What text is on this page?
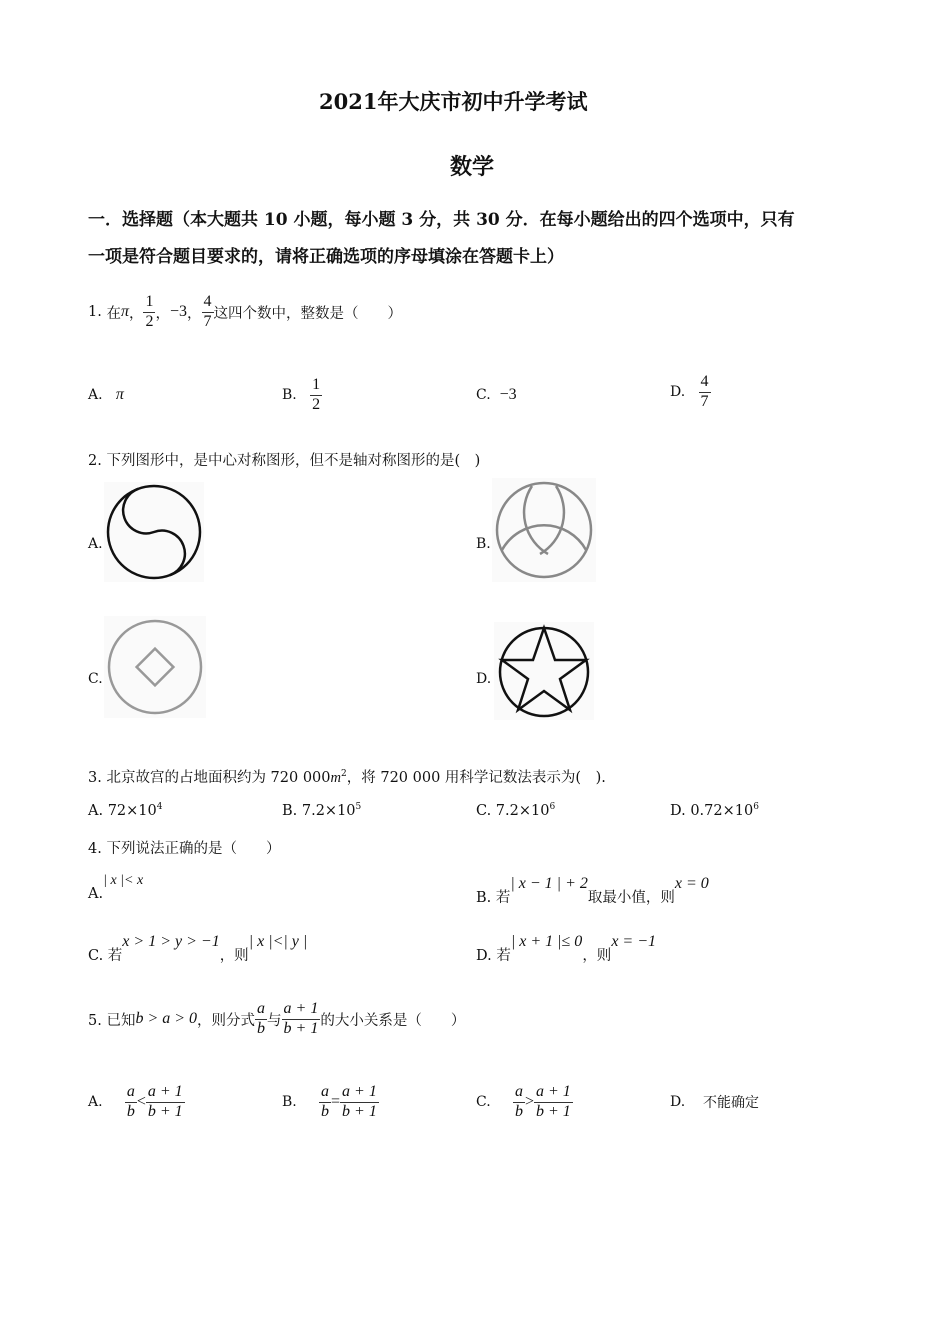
2021年大庆市初中升学考试
数学
一．选择题（本大题共 10 小题，每小题 3 分，共 30 分．在每小题给出的四个选项中，只有
一项是符合题目要求的，请将正确选项的序母填涂在答题卡上）
1.
在 π ， $\frac{1}{2}$ ， −3 ， $\frac{4}{7}$ 这四个数中，整数是（　　）
A.
π	B.
$\frac{1}{2}$	C.
−3	D.
$\frac{4}{7}$
2. 下列图形中，是中心对称图形，但不是轴对称图形的是(　)
A.	B.
C.	D.
3. 北京故宫的占地面积约为 720 $000m^2$，将 720 000 用科学记数法表示为(　).
A. $72\times 10^4$	B. $7.2\times 10^5$	C. $7.2\times 10^6$	D. $0.72\times 10^6$
4. 下列说法正确的是（　　）
A.| x |< x
B. 若| x − 1 | + 2取最小值，则x = 0
C. 若x > 1 > y > −1，则| x |<| y |
D. 若| x + 1 |≤ 0，则x = −1
5. 已知 b > a > 0 ，则分式 $\frac{a}{b}$ 与 $\frac{a + 1}{b + 1}$ 的大小关系是（　　）
A.
$\frac{a}{b} < \frac{a + 1}{b + 1}$	B.
$\frac{a}{b} = \frac{a + 1}{b + 1}$	C.
$\frac{a}{b} > \frac{a + 1}{b + 1}$	D.
不能确定
